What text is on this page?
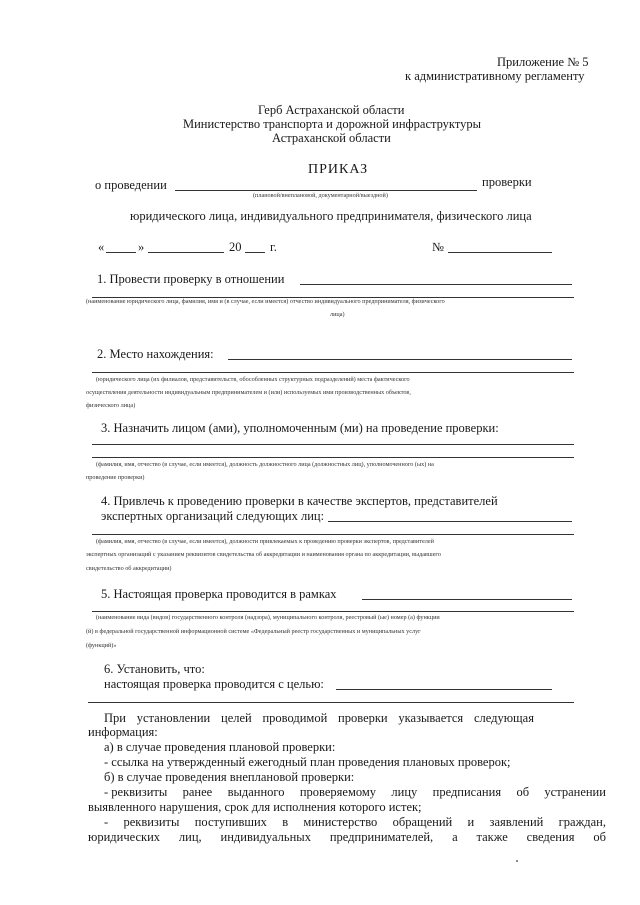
Приложение № 5
к административному регламенту
Герб Астраханской области
Министерство транспорта и дорожной инфраструктуры
Астраханской области
ПРИКАЗ
о проведении	проверки
(плановой/внеплановой, документарной/выездной)
юридического лица, индивидуального предпринимателя, физического лица
«	»	20 г.	№
1. Провести проверку в отношении
(наименование юридического лица, фамилия, имя и (в случае, если имеется) отчество индивидуального предпринимателя, физического
лица)
2. Место нахождения:
(юридического лица (их филиалов, представительств, обособленных структурных подразделений) места фактического
осуществления деятельности индивидуальным предпринимателем и (или) используемых ими производственных объектов,
физического лица)
3. Назначить лицом (ами), уполномоченным (ми) на проведение проверки:
(фамилия, имя, отчество (в случае, если имеется), должность должностного лица (должностных лиц), уполномоченного (ых) на
проведение проверки)
4. Привлечь к проведению проверки в качестве экспертов, представителей
экспертных организаций следующих лиц:
(фамилия, имя, отчество (в случае, если имеется), должности привлекаемых к проведению проверки экспертов, представителей
экспертных организаций с указанием реквизитов свидетельства об аккредитации и наименования органа по аккредитации, выдавшего
свидетельство об аккредитации)
5. Настоящая проверка проводится в рамках
(наименование вида (видов) государственного контроля (надзора), муниципального контроля, реестровый (ые) номер (а) функции
(й) в федеральной государственной информационной системе «Федеральный реестр государственных и муниципальных услуг
(функций)»
6. Установить, что:
настоящая проверка проводится с целью:
При установлении целей проводимой проверки указывается следующая
информация:
а) в случае проведения плановой проверки:
- ссылка на утвержденный ежегодный план проведения плановых проверок;
б) в случае проведения внеплановой проверки:
- реквизиты ранее выданного проверяемому лицу предписания об устранении
выявленного нарушения, срок для исполнения которого истек;
- реквизиты поступивших в министерство обращений и заявлений граждан,
юридических лиц, индивидуальных предпринимателей, а также сведения об
